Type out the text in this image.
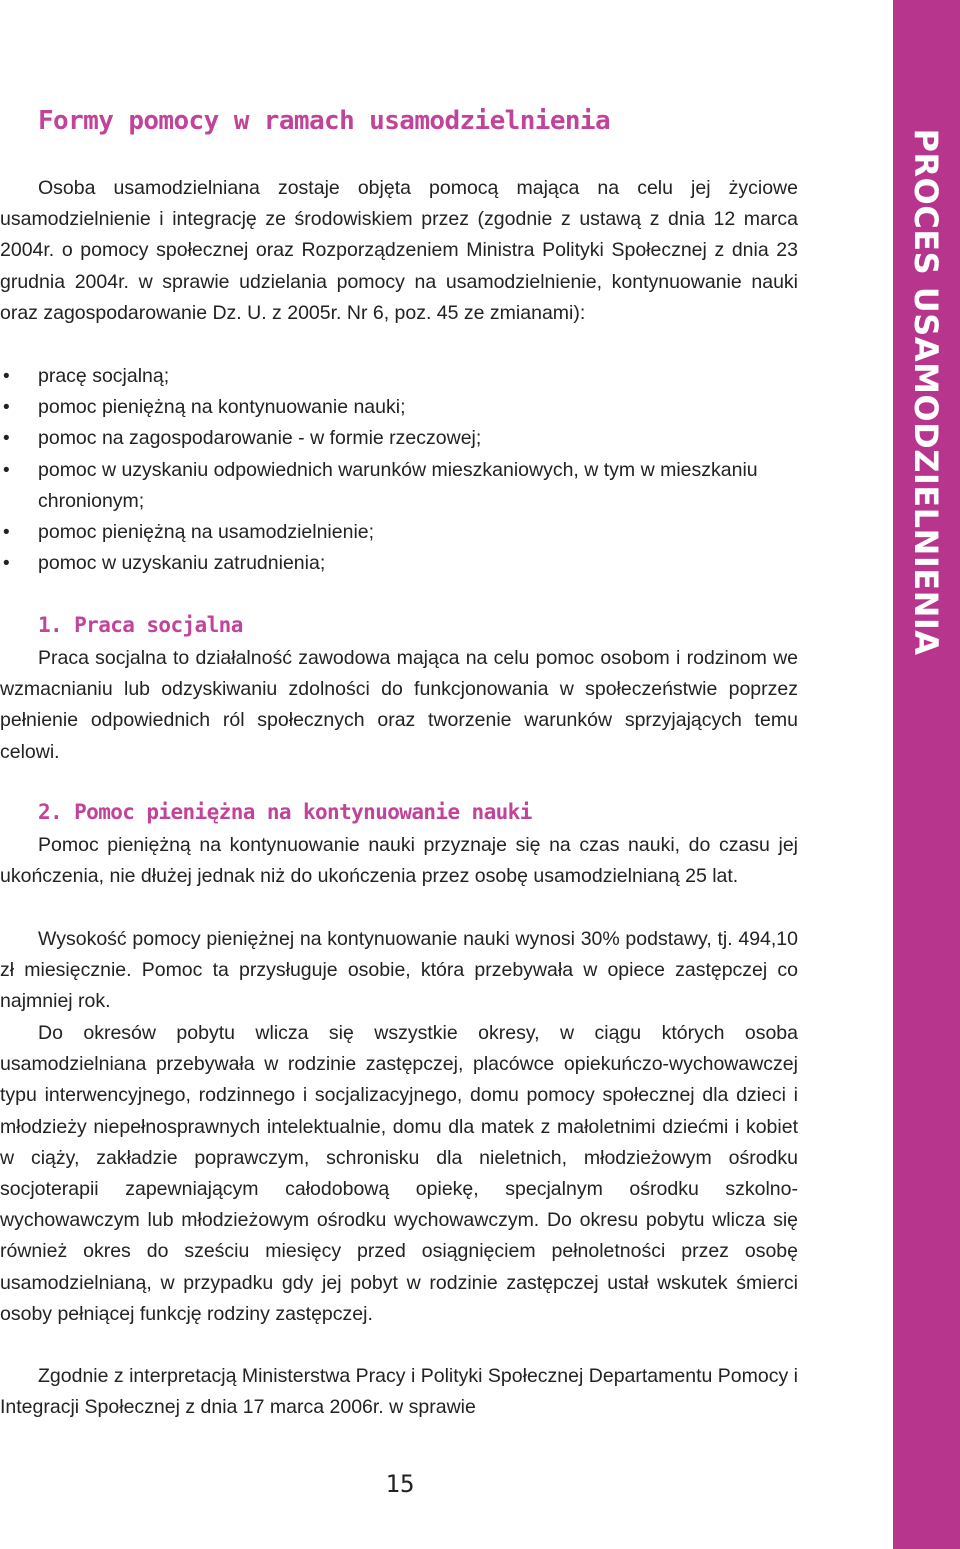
Formy pomocy w ramach usamodzielnienia

Osoba usamodzielniana zostaje objęta pomocą mająca na celu jej życiowe usamodzielnienie i integrację ze środowiskiem przez (zgodnie z ustawą z dnia 12 marca 2004r. o pomocy społecznej oraz Rozporządzeniem Ministra Polityki Społecznej z dnia 23 grudnia 2004r. w sprawie udzielania pomocy na usamodzielnienie, kontynuowanie nauki oraz zagospodarowanie Dz. U. z 2005r. Nr 6, poz. 45 ze zmianami):

• pracę socjalną;
• pomoc pieniężną na kontynuowanie nauki;
• pomoc na zagospodarowanie - w formie rzeczowej;
• pomoc w uzyskaniu odpowiednich warunków mieszkaniowych, w tym w mieszkaniu chronionym;
• pomoc pieniężną na usamodzielnienie;
• pomoc w uzyskaniu zatrudnienia;
1. Praca socjalna

Praca socjalna to działalność zawodowa mająca na celu pomoc osobom i rodzinom we wzmacnianiu lub odzyskiwaniu zdolności do funkcjonowania w społeczeństwie poprzez pełnienie odpowiednich ról społecznych oraz tworzenie warunków sprzyjających temu celowi.

2. Pomoc pieniężna na kontynuowanie nauki

Pomoc pieniężną na kontynuowanie nauki przyznaje się na czas nauki, do czasu jej ukończenia, nie dłużej jednak niż do ukończenia przez osobę usamodzielnianą 25 lat.

Wysokość pomocy pieniężnej na kontynuowanie nauki wynosi 30% podstawy, tj. 494,10 zł miesięcznie. Pomoc ta przysługuje osobie, która przebywała w opiece zastępczej co najmniej rok.

Do okresów pobytu wlicza się wszystkie okresy, w ciągu których osoba usamodzielniana przebywała w rodzinie zastępczej, placówce opiekuńczo-wychowawczej typu interwencyjnego, rodzinnego i socjalizacyjnego, domu pomocy społecznej dla dzieci i młodzieży niepełnosprawnych intelektualnie, domu dla matek z małoletnimi dziećmi i kobiet w ciąży, zakładzie poprawczym, schronisku dla nieletnich, młodzieżowym ośrodku socjoterapii zapewniającym całodobową opiekę, specjalnym ośrodku szkolno-wychowawczym lub młodzieżowym ośrodku wychowawczym. Do okresu pobytu wlicza się również okres do sześciu miesięcy przed osiągnięciem pełnoletności przez osobę usamodzielnianą, w przypadku gdy jej pobyt w rodzinie zastępczej ustał wskutek śmierci osoby pełniącej funkcję rodziny zastępczej.

Zgodnie z interpretacją Ministerstwa Pracy i Polityki Społecznej Departamentu Pomocy i Integracji Społecznej z dnia 17 marca 2006r. w sprawie

PROCES USAMODZIELNIENIA
15
